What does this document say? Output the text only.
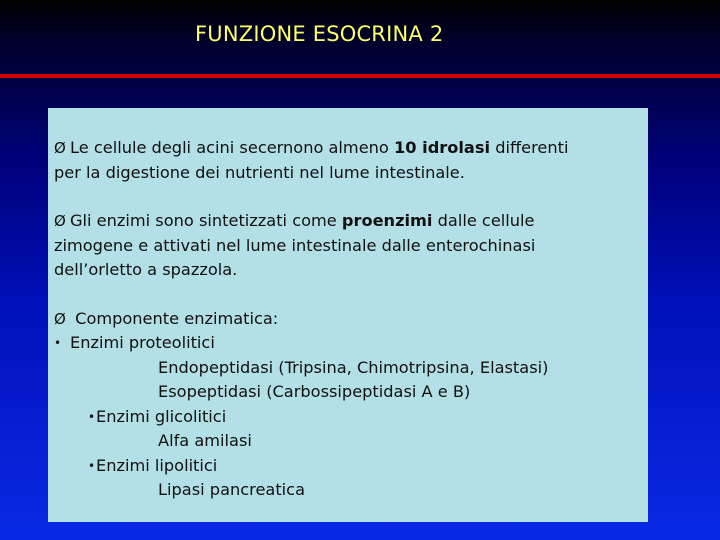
FUNZIONE ESOCRINA 2

Ø Le cellule degli acini secernono almeno 10 idrolasi differenti
per la digestione dei nutrienti nel lume intestinale.

Ø Gli enzimi sono sintetizzati come proenzimi dalle cellule
zimogene e attivati nel lume intestinale dalle enterochinasi
dell’orletto a spazzola.

Ø Componente enzimatica:
• Enzimi proteolitici
Endopeptidasi (Tripsina, Chimotripsina, Elastasi)
Esopeptidasi (Carbossipeptidasi A e B)
•Enzimi glicolitici
Alfa amilasi
•Enzimi lipolitici
Lipasi pancreatica
